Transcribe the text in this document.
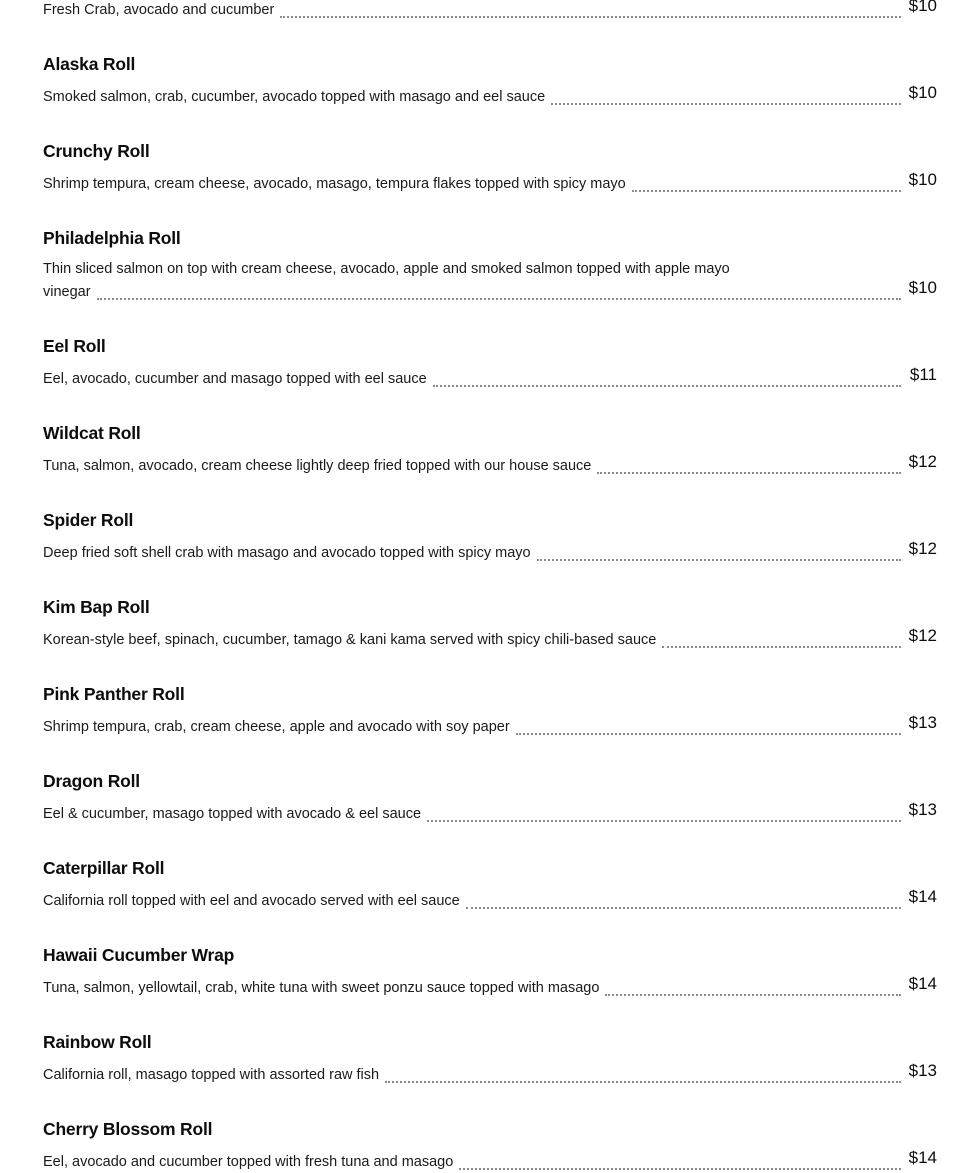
Fresh Crab, avocado and cucumber	$10
Alaska Roll
Smoked salmon, crab, cucumber, avocado topped with masago and eel sauce	$10
Crunchy Roll
Shrimp tempura, cream cheese, avocado, masago, tempura flakes topped with spicy mayo	$10
Philadelphia Roll
Thin sliced salmon on top with cream cheese, avocado, apple and smoked salmon topped with apple mayo
vinegar	$10
Eel Roll
Eel, avocado, cucumber and masago topped with eel sauce	$11
Wildcat Roll
Tuna, salmon, avocado, cream cheese lightly deep fried topped with our house sauce	$12
Spider Roll
Deep fried soft shell crab with masago and avocado topped with spicy mayo	$12
Kim Bap Roll
Korean-style beef, spinach, cucumber, tamago & kani kama served with spicy chili-based sauce	$12
Pink Panther Roll
Shrimp tempura, crab, cream cheese, apple and avocado with soy paper	$13
Dragon Roll
Eel & cucumber, masago topped with avocado & eel sauce	$13
Caterpillar Roll
California roll topped with eel and avocado served with eel sauce	$14
Hawaii Cucumber Wrap
Tuna, salmon, yellowtail, crab, white tuna with sweet ponzu sauce topped with masago	$14
Rainbow Roll
California roll, masago topped with assorted raw fish	$13
Cherry Blossom Roll
Eel, avocado and cucumber topped with fresh tuna and masago	$14
